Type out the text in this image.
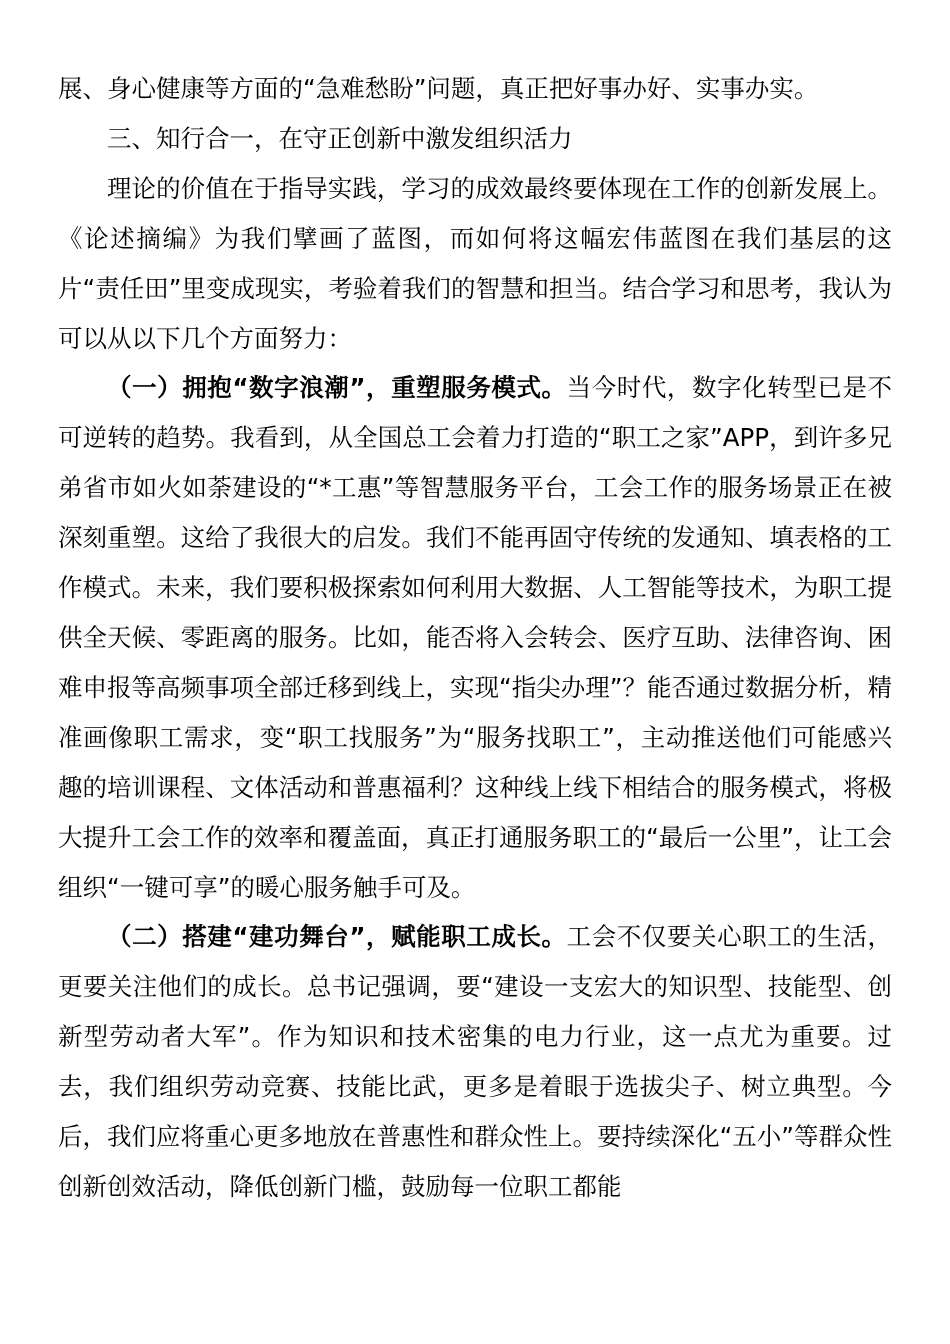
展、身心健康等方面的“急难愁盼”问题，真正把好事办好、实事办实。

三、知行合一，在守正创新中激发组织活力

理论的价值在于指导实践，学习的成效最终要体现在工作的创新发展上。《论述摘编》为我们擘画了蓝图，而如何将这幅宏伟蓝图在我们基层的这片“责任田”里变成现实，考验着我们的智慧和担当。结合学习和思考，我认为可以从以下几个方面努力：

（一）拥抱“数字浪潮”，重塑服务模式。当今时代，数字化转型已是不可逆转的趋势。我看到，从全国总工会着力打造的“职工之家”APP，到许多兄弟省市如火如荼建设的“*工惠”等智慧服务平台，工会工作的服务场景正在被深刻重塑。这给了我很大的启发。我们不能再固守传统的发通知、填表格的工作模式。未来，我们要积极探索如何利用大数据、人工智能等技术，为职工提供全天候、零距离的服务。比如，能否将入会转会、医疗互助、法律咨询、困难申报等高频事项全部迁移到线上，实现“指尖办理”？能否通过数据分析，精准画像职工需求，变“职工找服务”为“服务找职工”，主动推送他们可能感兴趣的培训课程、文体活动和普惠福利？这种线上线下相结合的服务模式，将极大提升工会工作的效率和覆盖面，真正打通服务职工的“最后一公里”，让工会组织“一键可享”的暖心服务触手可及。

（二）搭建“建功舞台”，赋能职工成长。工会不仅要关心职工的生活，更要关注他们的成长。总书记强调，要“建设一支宏大的知识型、技能型、创新型劳动者大军”。作为知识和技术密集的电力行业，这一点尤为重要。过去，我们组织劳动竞赛、技能比武，更多是着眼于选拔尖子、树立典型。今后，我们应将重心更多地放在普惠性和群众性上。要持续深化“五小”等群众性创新创效活动，降低创新门槛，鼓励每一位职工都能
